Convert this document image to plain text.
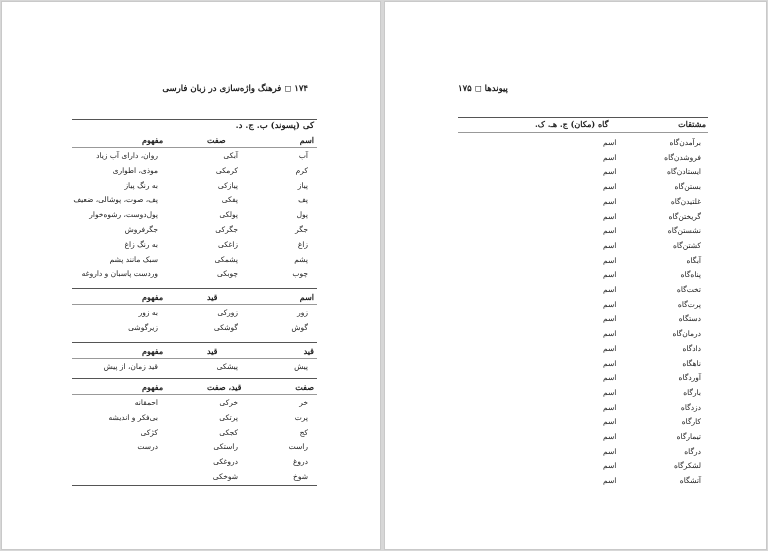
۱۷۴ ◻ فرهنگ واژه‌سازی در زبان فارسی
کی (پسوند) ب. ج. د.
اسم
صفت
مفهوم
آب
آبکی
روان، دارای آب زیاد
کرم
کرمکی
موذی، اطواری
پیاز
پیازکی
به رنگ پیاز
پف
پفکی
پف، صوت، پوشالی، ضعیف
پول
پولکی
پول‌دوست، رشوه‌خوار
جگر
جگرکی
جگرفروش
زاغ
زاغکی
به رنگ زاغ
پشم
پشمکی
سبک مانند پشم
چوب
چوبکی
وردست پاسبان و داروغه
اسم
قید
مفهوم
زور
زورکی
به زور
گوش
گوشکی
زیرگوشی
قید
قید
مفهوم
پیش
پیشکی
قید زمان، از پیش
صفت
قید، صفت
مفهوم
خر
خرکی
احمقانه
پرت
پرتکی
بی‌فکر و اندیشه
کج
کجکی
کژکی
راست
راستکی
درست
دروغ
دروغکی
شوخ
شوخکی
پیوندها ◻ ۱۷۵
مشتقات
گاه (مکان) ج. هـ. ک.
برآمدن‌گاه
اسم
فروشدن‌گاه
اسم
ایستادن‌گاه
اسم
بستن‌گاه
اسم
غلتیدن‌گاه
اسم
گریختن‌گاه
اسم
نشستن‌گاه
اسم
کشتن‌گاه
اسم
آبگاه
اسم
پناه‌گاه
اسم
تخت‌گاه
اسم
پرت‌گاه
اسم
دستگاه
اسم
درمان‌گاه
اسم
دادگاه
اسم
ناهگاه
اسم
آوردگاه
اسم
بارگاه
اسم
دزدگاه
اسم
کارگاه
اسم
تیمارگاه
اسم
درگاه
اسم
لشکرگاه
اسم
آتشگاه
اسم
